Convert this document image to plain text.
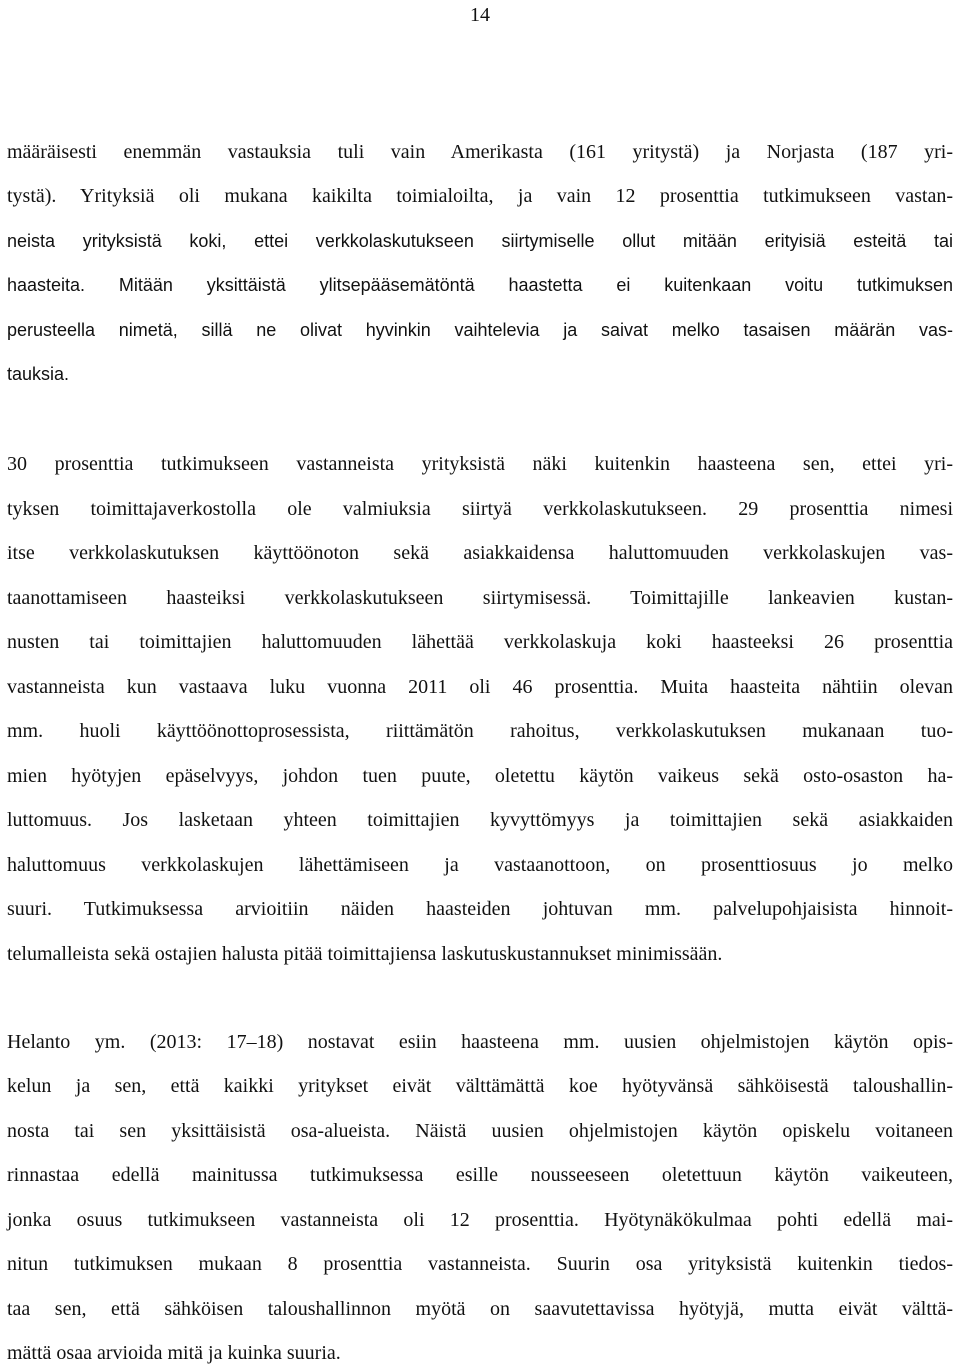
14
määräisesti enemmän vastauksia tuli vain Amerikasta (161 yritystä) ja Norjasta (187 yri-
tystä). Yrityksiä oli mukana kaikilta toimialoilta, ja vain 12 prosenttia tutkimukseen vastan-
neista yrityksistä koki, ettei verkkolaskutukseen siirtymiselle ollut mitään erityisiä esteitä tai
haasteita. Mitään yksittäistä ylitsepääsemätöntä haastetta ei kuitenkaan voitu tutkimuksen
perusteella nimetä, sillä ne olivat hyvinkin vaihtelevia ja saivat melko tasaisen määrän vas-
tauksia.
30 prosenttia tutkimukseen vastanneista yrityksistä näki kuitenkin haasteena sen, ettei yri-
tyksen toimittajaverkostolla ole valmiuksia siirtyä verkkolaskutukseen. 29 prosenttia nimesi
itse verkkolaskutuksen käyttöönoton sekä asiakkaidensa haluttomuuden verkkolaskujen vas-
taanottamiseen haasteiksi verkkolaskutukseen siirtymisessä. Toimittajille lankeavien kustan-
nusten tai toimittajien haluttomuuden lähettää verkkolaskuja koki haasteeksi 26 prosenttia
vastanneista kun vastaava luku vuonna 2011 oli 46 prosenttia. Muita haasteita nähtiin olevan
mm. huoli käyttöönottoprosessista, riittämätön rahoitus, verkkolaskutuksen mukanaan tuo-
mien hyötyjen epäselvyys, johdon tuen puute, oletettu käytön vaikeus sekä osto-osaston ha-
luttomuus. Jos lasketaan yhteen toimittajien kyvyttömyys ja toimittajien sekä asiakkaiden
haluttomuus verkkolaskujen lähettämiseen ja vastaanottoon, on prosenttiosuus jo melko
suuri. Tutkimuksessa arvioitiin näiden haasteiden johtuvan mm. palvelupohjaisista hinnoit-
telumalleista sekä ostajien halusta pitää toimittajiensa laskutuskustannukset minimissään.
Helanto ym. (2013: 17–18) nostavat esiin haasteena mm. uusien ohjelmistojen käytön opis-
kelun ja sen, että kaikki yritykset eivät välttämättä koe hyötyvänsä sähköisestä taloushallin-
nosta tai sen yksittäisistä osa-alueista. Näistä uusien ohjelmistojen käytön opiskelu voitaneen
rinnastaa edellä mainitussa tutkimuksessa esille nousseeseen oletettuun käytön vaikeuteen,
jonka osuus tutkimukseen vastanneista oli 12 prosenttia. Hyötynäkökulmaa pohti edellä mai-
nitun tutkimuksen mukaan 8 prosenttia vastanneista. Suurin osa yrityksistä kuitenkin tiedos-
taa sen, että sähköisen taloushallinnon myötä on saavutettavissa hyötyjä, mutta eivät välttä-
mättä osaa arvioida mitä ja kuinka suuria.
